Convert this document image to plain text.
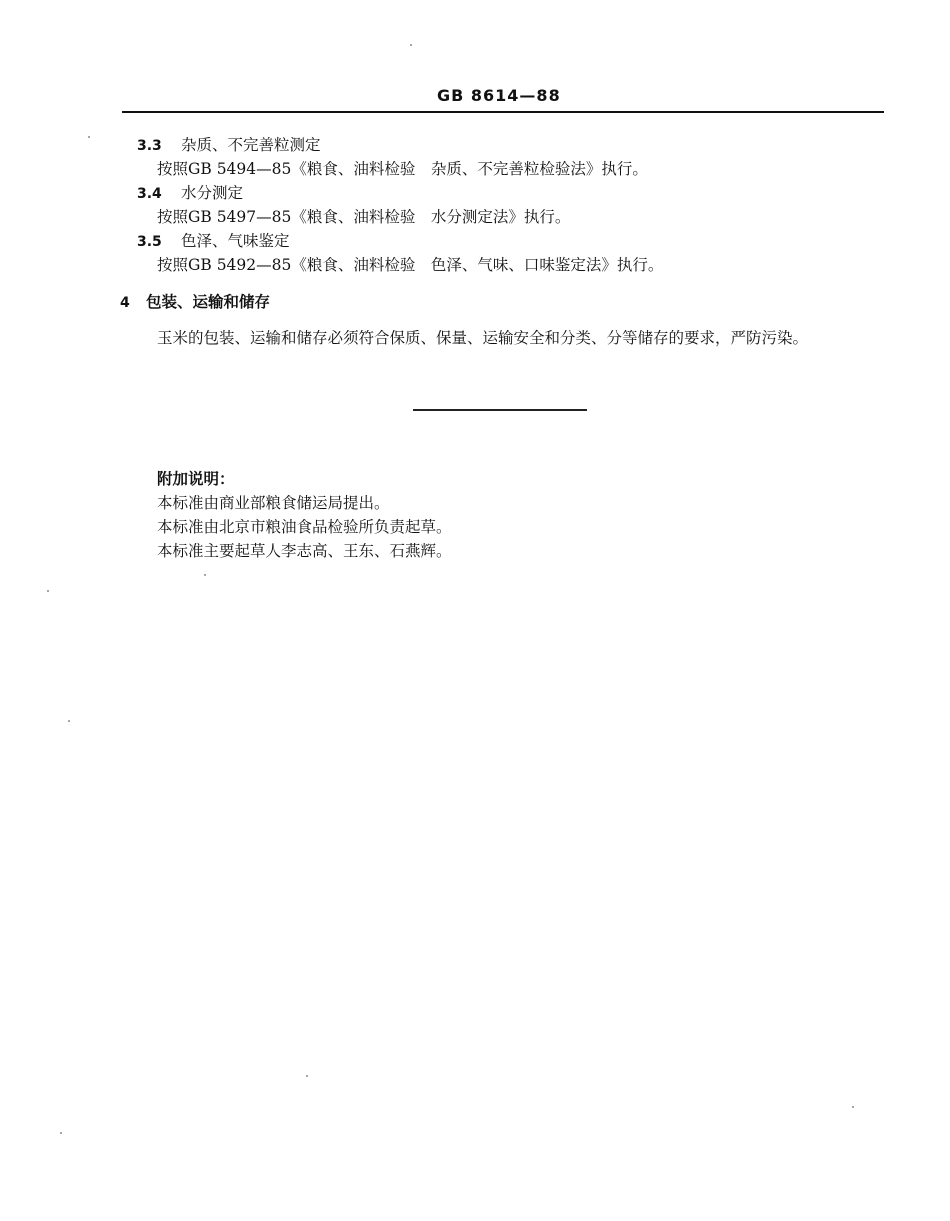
GB 8614—88
3.3 杂质、不完善粒测定
按照GB 5494—85《粮食、油料检验　杂质、不完善粒检验法》执行。
3.4 水分测定
按照GB 5497—85《粮食、油料检验　水分测定法》执行。
3.5 色泽、气味鉴定
按照GB 5492—85《粮食、油料检验　色泽、气味、口味鉴定法》执行。
4 包装、运输和储存
玉米的包装、运输和储存必须符合保质、保量、运输安全和分类、分等储存的要求，严防污染。
附加说明：
本标准由商业部粮食储运局提出。
本标准由北京市粮油食品检验所负责起草。
本标准主要起草人李志高、王东、石燕辉。
